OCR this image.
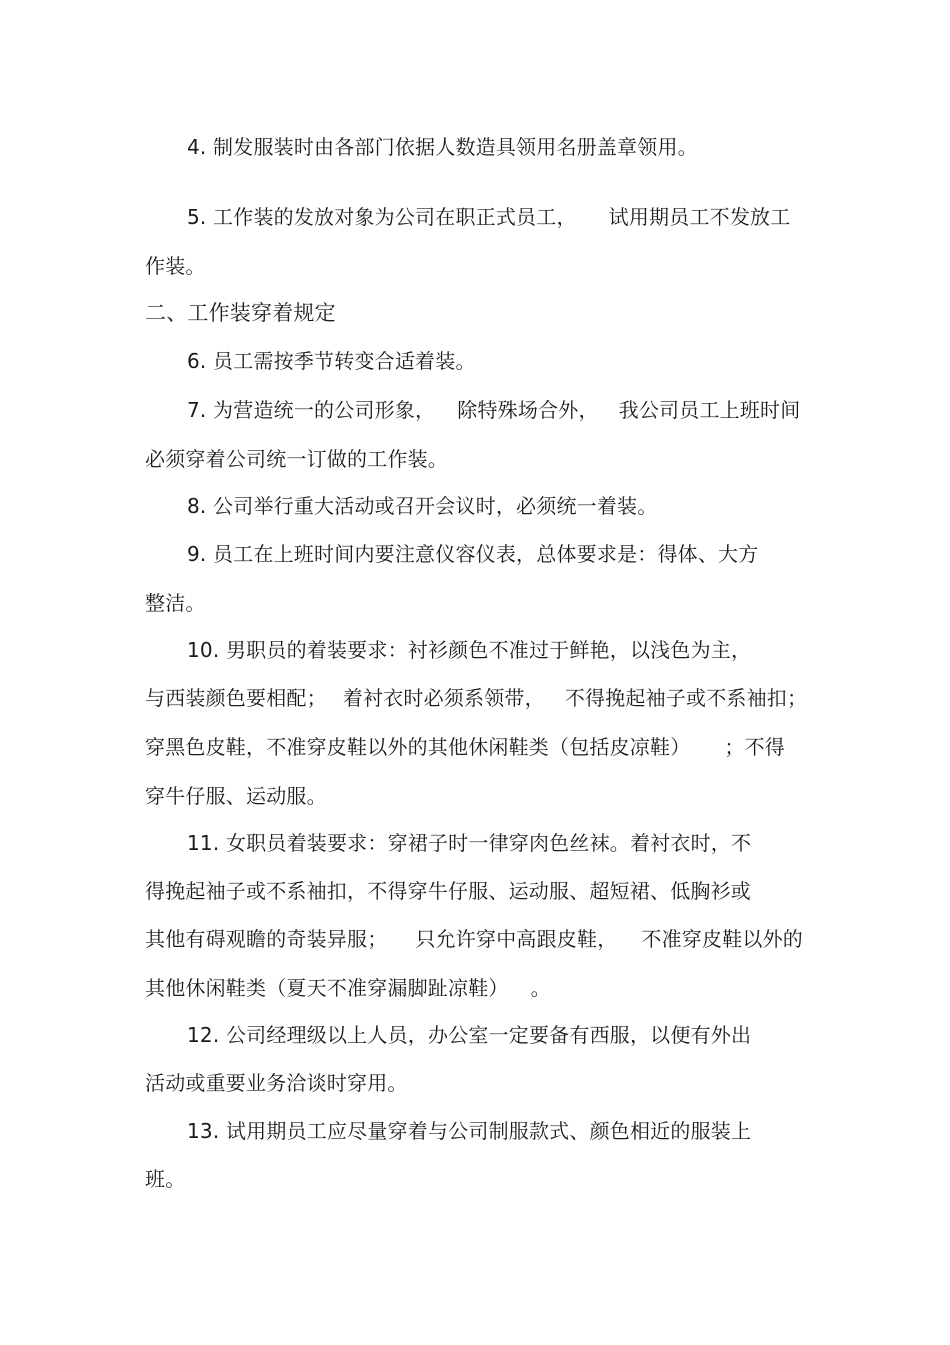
4. 制发服装时由各部门依据人数造具领用名册盖章领用。
5. 工作装的发放对象为公司在职正式员工， 试用期员工不发放工
作装。
二、工作装穿着规定
6. 员工需按季节转变合适着装。
7. 为营造统一的公司形象， 除特殊场合外， 我公司员工上班时间
必须穿着公司统一订做的工作装。
8. 公司举行重大活动或召开会议时，必须统一着装。
9. 员工在上班时间内要注意仪容仪表，总体要求是：得体、大方
整洁。
10. 男职员的着装要求：衬衫颜色不准过于鲜艳，以浅色为主，
与西装颜色要相配； 着衬衣时必须系领带， 不得挽起袖子或不系袖扣；
穿黑色皮鞋，不准穿皮鞋以外的其他休闲鞋类（包括皮凉鞋） ；不得
穿牛仔服、运动服。
11. 女职员着装要求：穿裙子时一律穿肉色丝袜。着衬衣时，不
得挽起袖子或不系袖扣，不得穿牛仔服、运动服、超短裙、低胸衫或
其他有碍观瞻的奇装异服； 只允许穿中高跟皮鞋， 不准穿皮鞋以外的
其他休闲鞋类（夏天不准穿漏脚趾凉鞋） 。
12. 公司经理级以上人员，办公室一定要备有西服，以便有外出
活动或重要业务洽谈时穿用。
13. 试用期员工应尽量穿着与公司制服款式、颜色相近的服装上
班。
